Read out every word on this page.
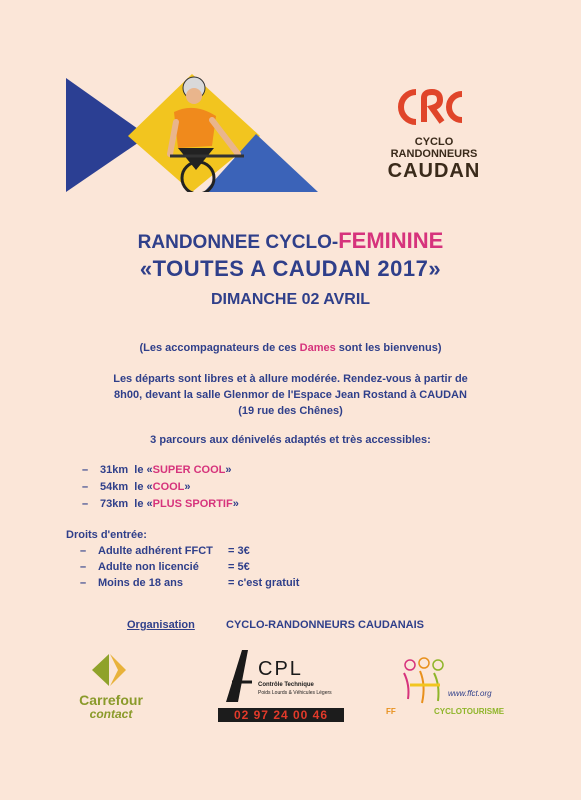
CYCLO
RANDONNEURS
CAUDAN
RANDONNEE CYCLO-FEMININE
«TOUTES A CAUDAN 2017»
DIMANCHE 02 AVRIL
(Les accompagnateurs de ces Dames sont les bienvenus)
Les départs sont libres et à allure modérée. Rendez-vous à partir de
8h00, devant la salle Glenmor de l'Espace Jean Rostand à CAUDAN
(19 rue des Chênes)
3 parcours aux dénivelés adaptés et très accessibles:
– 31km le «SUPER COOL»
– 54km le «COOL»
– 73km le «PLUS SPORTIF»
Droits d'entrée:
– Adulte adhérent FFCT = 3€
– Adulte non licencié	= 5€
– Moins de 18 ans	= c'est gratuit
Organisation	CYCLO-RANDONNEURS CAUDANAIS
Carrefour
contact
CPL
Contrôle Technique
Poids Lourds & Véhicules Légers
02 97 24 00 46
www.ffct.org
FF	CYCLOTOURISME
